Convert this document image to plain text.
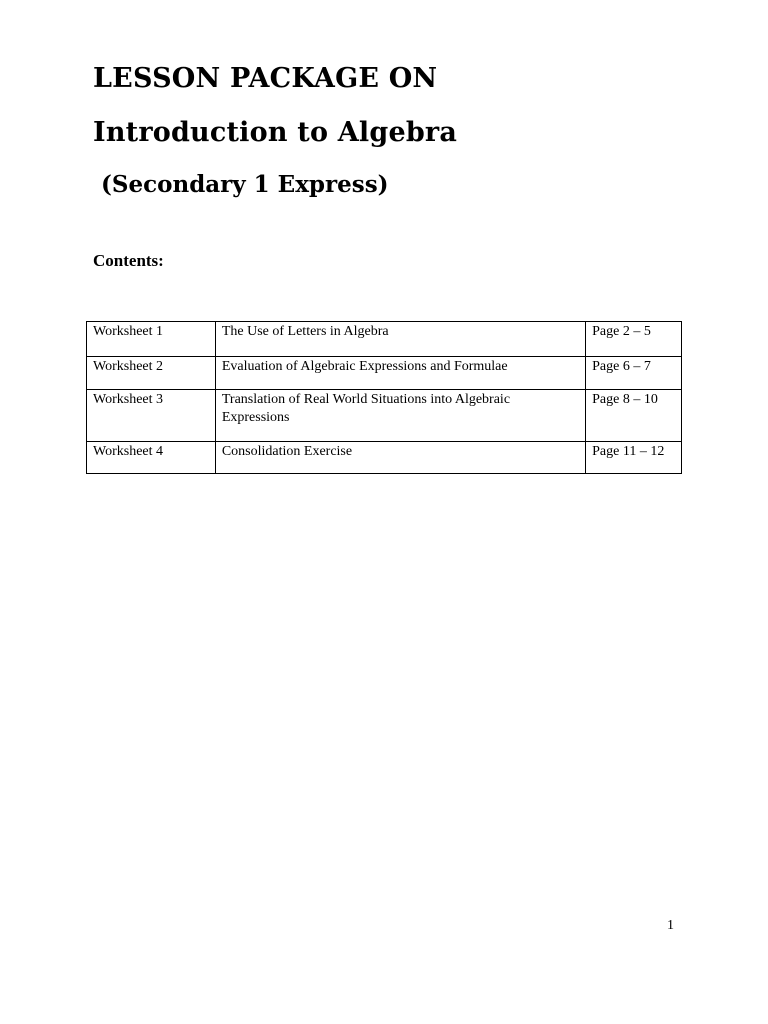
LESSON PACKAGE ON
Introduction to Algebra
(Secondary 1 Express)

Contents:

Worksheet 1	The Use of Letters in Algebra	Page 2 – 5
Worksheet 2	Evaluation of Algebraic Expressions and Formulae	Page 6 – 7
Worksheet 3	Translation of Real World Situations into Algebraic Expressions	Page 8 – 10
Worksheet 4	Consolidation Exercise	Page 11 – 12

1
